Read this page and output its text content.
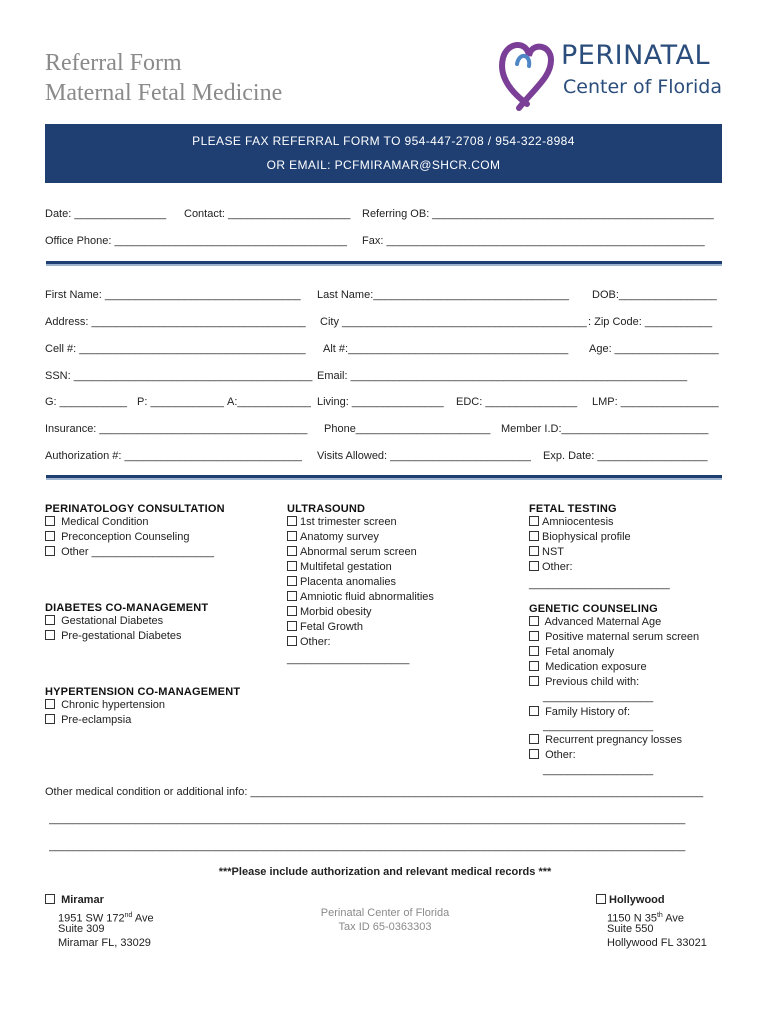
Referral Form
Maternal Fetal Medicine
PERINATAL
Center of Florida
PLEASE FAX REFERRAL FORM TO 954-447-2708 / 954-322-8984
OR EMAIL: PCFMIRAMAR@SHCR.COM
Date: _______________ Contact: ____________________ Referring OB: ______________________________________________
Office Phone: ______________________________________ Fax: ____________________________________________________
First Name: ________________________________ Last Name:________________________________ DOB:________________
Address: ___________________________________ City ________________________________________ : Zip Code: ___________
Cell #: _____________________________________ Alt #:____________________________________ Age: _________________
SSN: _______________________________________ Email: _______________________________________________________
G: ___________ P: ____________ A:____________ Living: _______________ EDC: _______________ LMP: ________________
Insurance: __________________________________ Phone______________________ Member I.D:________________________
Authorization #: _____________________________ Visits Allowed: _______________________ Exp. Date: __________________
PERINATOLOGY CONSULTATION
Medical Condition
Preconception Counseling
Other ____________________
DIABETES CO-MANAGEMENT
Gestational Diabetes
Pre-gestational Diabetes
HYPERTENSION CO-MANAGEMENT
Chronic hypertension
Pre-eclampsia
ULTRASOUND
1st trimester screen
Anatomy survey
Abnormal serum screen
Multifetal gestation
Placenta anomalies
Amniotic fluid abnormalities
Morbid obesity
Fetal Growth
Other:
____________________
FETAL TESTING
Amniocentesis
Biophysical profile
NST
Other:
_______________________
GENETIC COUNSELING
Advanced Maternal Age
Positive maternal serum screen
Fetal anomaly
Medication exposure
Previous child with:
__________________
Family History of:
__________________
Recurrent pregnancy losses
Other:
__________________
Other medical condition or additional info: __________________________________________________________________________
________________________________________________________________________________________________________
________________________________________________________________________________________________________
***Please include authorization and relevant medical records ***
Miramar
1951 SW 172nd Ave
Suite 309
Miramar FL, 33029
Perinatal Center of Florida
Tax ID 65-0363303
Hollywood
1150 N 35th Ave
Suite 550
Hollywood FL 33021
